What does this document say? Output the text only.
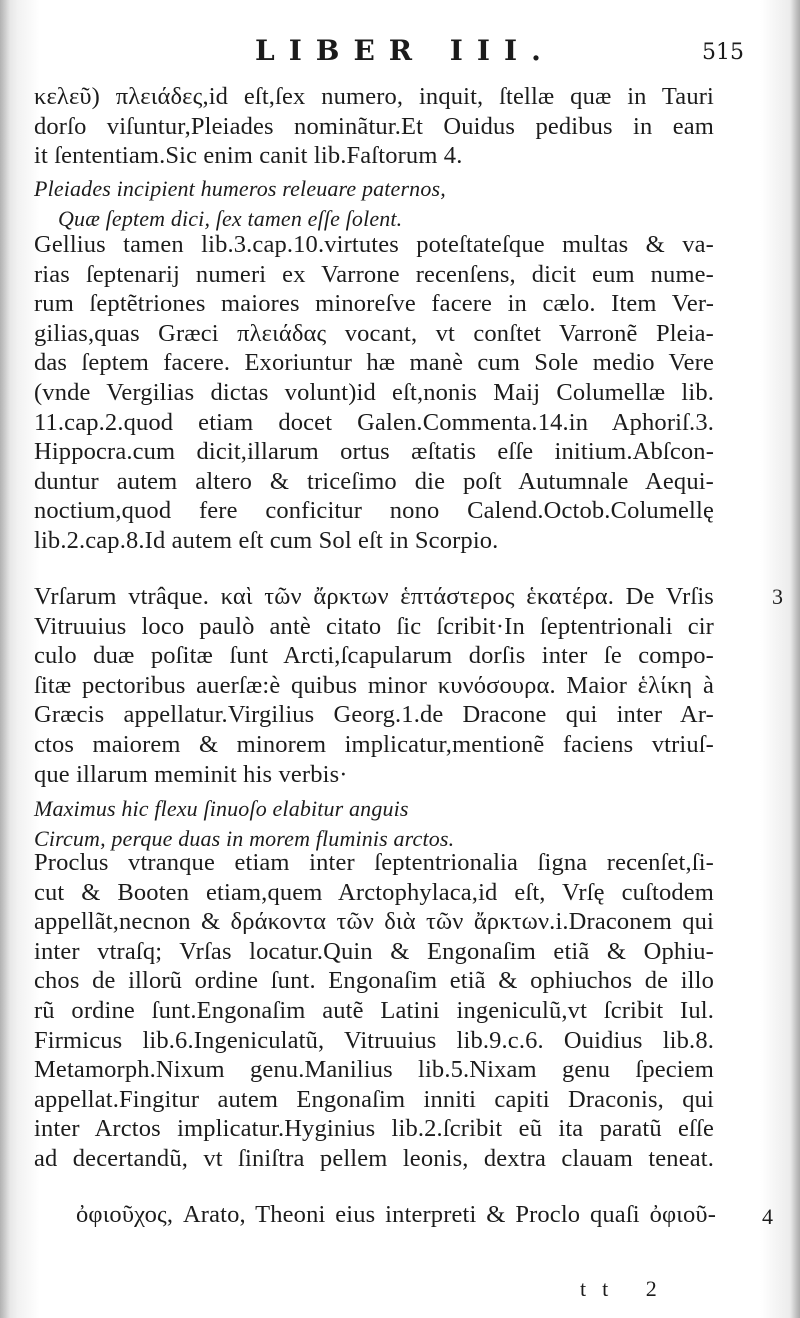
LIBER III.	515
κελεῦ) πλειάδες,id eſt,ſex numero, inquit, ſtellæ quæ in Tauri
dorſo viſuntur,Pleiades nominãtur.Et Ouidus pedibus in eam
it ſententiam.Sic enim canit lib.Faſtorum 4.
Pleiades incipient humeros releuare paternos,
Quæ ſeptem dici, ſex tamen eſſe ſolent.
Gellius tamen lib.3.cap.10.virtutes poteſtateſque multas & va-
rias ſeptenarij numeri ex Varrone recenſens, dicit eum nume-
rum ſeptẽtriones maiores minoreſve facere in cælo. Item Ver-
gilias,quas Græci πλειάδας vocant, vt conſtet Varronẽ Pleia-
das ſeptem facere. Exoriuntur hæ manè cum Sole medio Vere
(vnde Vergilias dictas volunt)id eſt,nonis Maij Columellæ lib.
11.cap.2.quod etiam docet Galen.Commenta.14.in Aphoriſ.3.
Hippocra.cum dicit,illarum ortus æſtatis eſſe initium.Abſcon-
duntur autem altero & triceſimo die poſt Autumnale Aequi-
noctium,quod fere conficitur nono Calend.Octob.Columellę
lib.2.cap.8.Id autem eſt cum Sol eſt in Scorpio.
Vrſarum vtrâque. καὶ τῶν ἄρκτων ἑπτάστερος ἑκατέρα. De Vrſis
Vitruuius loco paulò antè citato ſic ſcribit·In ſeptentrionali cir
culo duæ poſitæ ſunt Arcti,ſcapularum dorſis inter ſe compo-
ſitæ pectoribus auerſæ:è quibus minor κυνόσουρα. Maior ἑλίκη à
Græcis appellatur.Virgilius Georg.1.de Dracone qui inter Ar-
ctos maiorem & minorem implicatur,mentionẽ faciens vtriuſ-
que illarum meminit his verbis·
3
Maximus hic flexu ſinuoſo elabitur anguis
Circum, perque duas in morem fluminis arctos.
Proclus vtranque etiam inter ſeptentrionalia ſigna recenſet,ſi-
cut & Booten etiam,quem Arctophylaca,id eſt, Vrſę cuſtodem
appellãt,necnon & δράκοντα τῶν διὰ τῶν ἄρκτων.i.Draconem qui
inter vtraſq; Vrſas locatur.Quin & Engonaſim etiã & Ophiu-
chos de illorũ ordine ſunt. Engonaſim etiã & ophiuchos de illo
rũ ordine ſunt.Engonaſim autẽ Latini ingeniculũ,vt ſcribit Iul.
Firmicus lib.6.Ingeniculatũ, Vitruuius lib.9.c.6. Ouidius lib.8.
Metamorph.Nixum genu.Manilius lib.5.Nixam genu ſpeciem
appellat.Fingitur autem Engonaſim inniti capiti Draconis, qui
inter Arctos implicatur.Hyginius lib.2.ſcribit eũ ita paratũ eſſe
ad decertandũ, vt ſiniſtra pellem leonis, dextra clauam teneat.
ὀφιοῦχος, Arato, Theoni eius interpreti & Proclo quaſi ὀφιοῦ- 4
tt 2
